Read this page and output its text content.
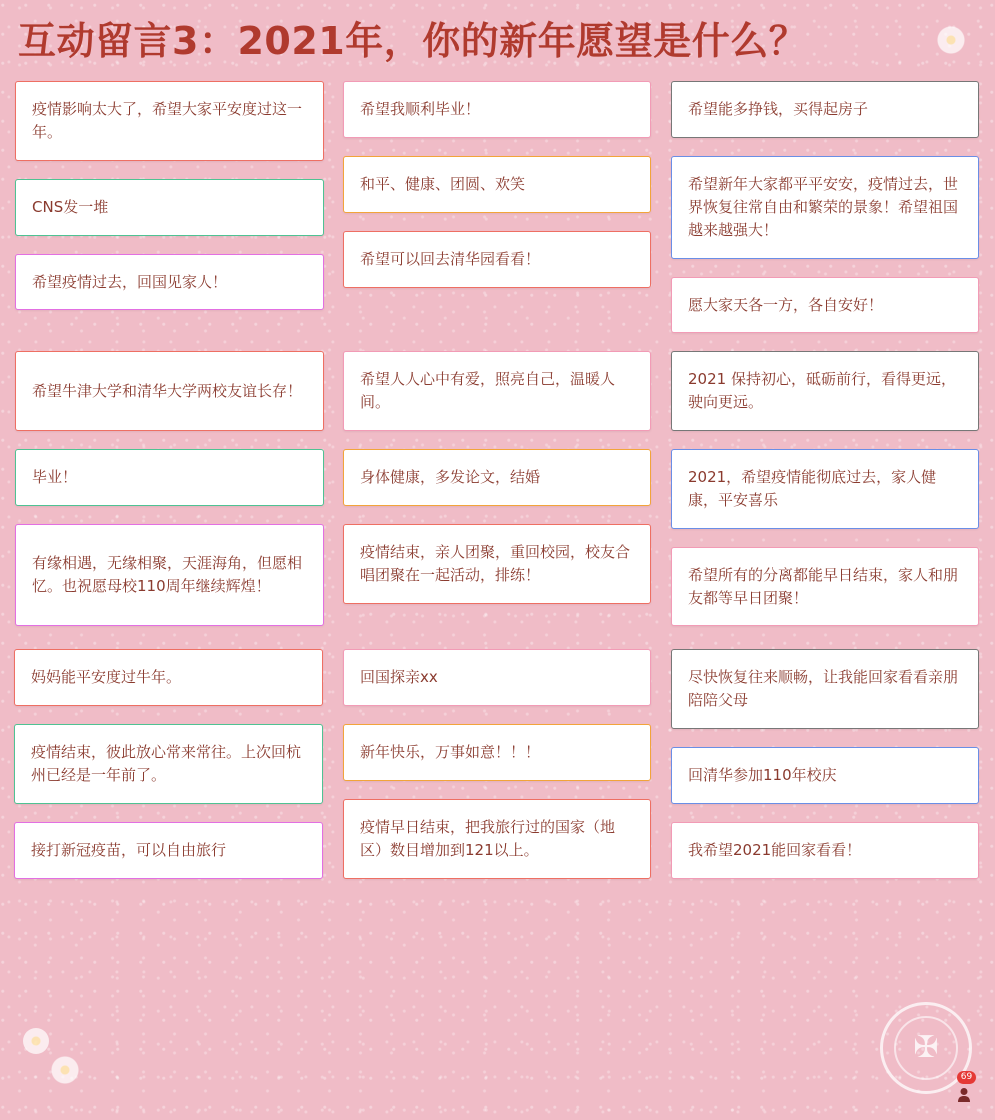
互动留言3：2021年，你的新年愿望是什么？
疫情影响太大了，希望大家平安度过这一年。
CNS发一堆
希望疫情过去，回国见家人！
希望我顺利毕业！
和平、健康、团圆、欢笑
希望可以回去清华园看看！
希望能多挣钱，买得起房子
希望新年大家都平平安安，疫情过去，世界恢复往常自由和繁荣的景象！希望祖国越来越强大！
愿大家天各一方，各自安好！
希望牛津大学和清华大学两校友谊长存！
希望人人心中有爱，照亮自己，温暖人间。
2021 保持初心，砥砺前行，看得更远，驶向更远。
毕业！	身体健康，多发论文，结婚	2021，希望疫情能彻底过去，家人健康，平安喜乐
有缘相遇，无缘相聚，天涯海角，但愿相忆。也祝愿母校110周年继续辉煌！
疫情结束，亲人团聚，重回校园，校友合唱团聚在一起活动，排练！	希望所有的分离都能早日结束，家人和朋友都等早日团聚！
妈妈能平安度过牛年。	回国探亲xx	尽快恢复往来顺畅，让我能回家看看亲朋陪陪父母
疫情结束，彼此放心常来常往。上次回杭州已经是一年前了。
新年快乐，万事如意！！！
回清华参加110年校庆
接打新冠疫苗，可以自由旅行
疫情早日结束，把我旅行过的国家（地区）数目增加到121以上。	我希望2021能回家看看！
✠
69
